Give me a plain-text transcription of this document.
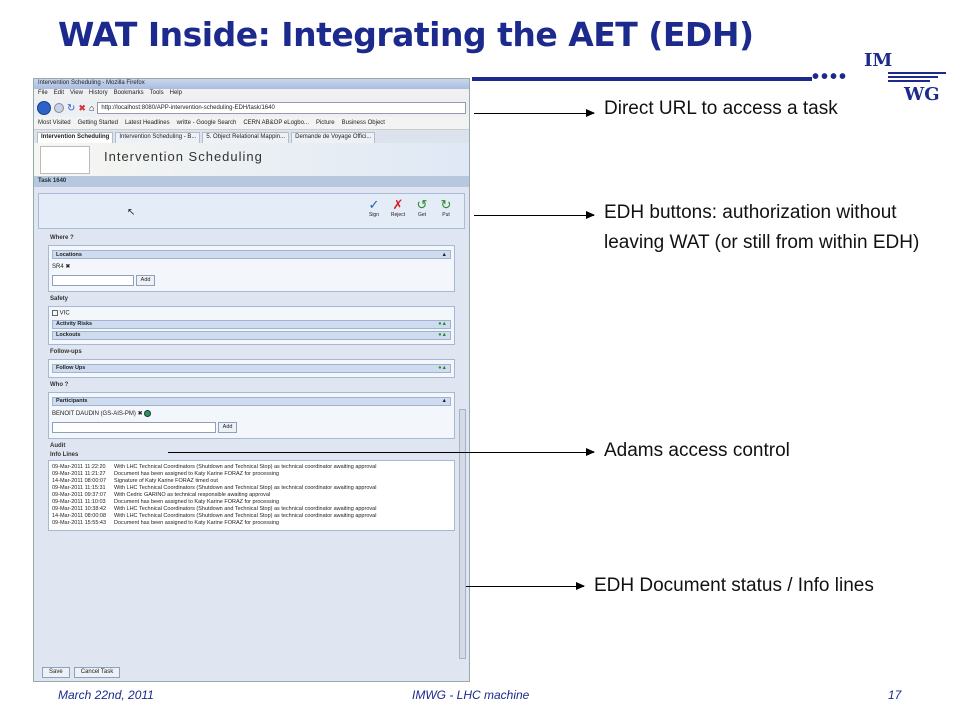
WAT Inside: Integrating the AET (EDH)
••••
IM
WG
Intervention Scheduling - Mozilla Firefox
File Edit View History Bookmarks Tools Help
↻ ✖ ⌂	http://localhost:8080/APP-intervention-scheduling-EDH/task/1640
Most Visited Getting Started Latest Headlines writte - Google Search CERN AB&OP eLogbo... Picture Business Object
Intervention Scheduling	Intervention Scheduling - B...	5. Object Relational Mappin...	Demande de Voyage Offici...
Intervention Scheduling
Task 1640
↖
✓
Sign
✗
Reject
↺
Get
↻
Put
Where ?
Locations	▲
SR4 ✖
Add
Safety
VIC
Activity Risks	●▲
Lockouts	●▲
Follow-ups
Follow Ups	●▲
Who ?
Participants	▲
BENOIT DAUDIN (GS-AIS-PM) ✖
Add
Audit
Info Lines
09-Mar-2011 11:22:20	With LHC Technical Coordinators (Shutdown and Technical Stop) as technical coordinator awaiting approval
09-Mar-2011 11:21:27	Document has been assigned to Katy Karine FORAZ for processing
14-Mar-2011 08:00:07	Signature of Katy Karine FORAZ timed out
09-Mar-2011 11:15:31	With LHC Technical Coordinators (Shutdown and Technical Stop) as technical coordinator awaiting approval
09-Mar-2011 09:37:07	With Cedric GARINO as technical responsible awaiting approval
09-Mar-2011 11:10:03	Document has been assigned to Katy Karine FORAZ for processing
09-Mar-2011 10:38:42	With LHC Technical Coordinators (Shutdown and Technical Stop) as technical coordinator awaiting approval
14-Mar-2011 08:00:08	With LHC Technical Coordinators (Shutdown and Technical Stop) as technical coordinator awaiting approval
09-Mar-2011 15:55:43	Document has been assigned to Katy Karine FORAZ for processing
Save	Cancel Task
Direct URL to access a task
EDH buttons: authorization without leaving WAT (or still from within EDH)
Adams access control
EDH Document status / Info lines
March 22nd, 2011	IMWG - LHC machine	17
